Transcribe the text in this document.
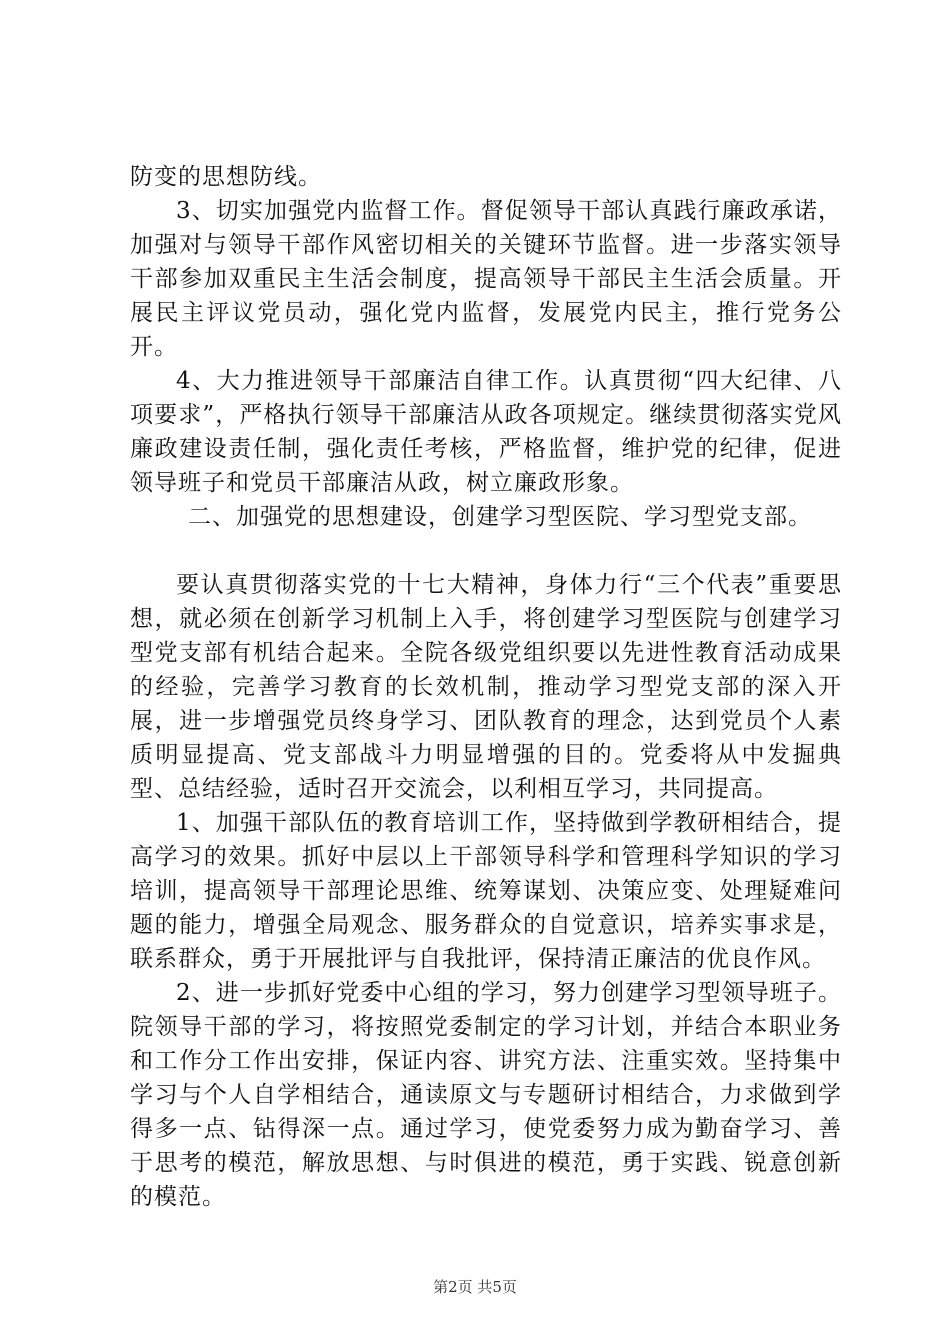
防变的思想防线。

3、切实加强党内监督工作。督促领导干部认真践行廉政承诺，加强对与领导干部作风密切相关的关键环节监督。进一步落实领导干部参加双重民主生活会制度，提高领导干部民主生活会质量。开展民主评议党员动，强化党内监督，发展党内民主，推行党务公开。

4、大力推进领导干部廉洁自律工作。认真贯彻“四大纪律、八项要求”，严格执行领导干部廉洁从政各项规定。继续贯彻落实党风廉政建设责任制，强化责任考核，严格监督，维护党的纪律，促进领导班子和党员干部廉洁从政，树立廉政形象。

二、加强党的思想建设，创建学习型医院、学习型党支部。

要认真贯彻落实党的十七大精神，身体力行“三个代表”重要思想，就必须在创新学习机制上入手，将创建学习型医院与创建学习型党支部有机结合起来。全院各级党组织要以先进性教育活动成果的经验，完善学习教育的长效机制，推动学习型党支部的深入开展，进一步增强党员终身学习、团队教育的理念，达到党员个人素质明显提高、党支部战斗力明显增强的目的。党委将从中发掘典型、总结经验，适时召开交流会，以利相互学习，共同提高。

1、加强干部队伍的教育培训工作，坚持做到学教研相结合，提高学习的效果。抓好中层以上干部领导科学和管理科学知识的学习培训，提高领导干部理论思维、统筹谋划、决策应变、处理疑难问题的能力，增强全局观念、服务群众的自觉意识，培养实事求是，联系群众，勇于开展批评与自我批评，保持清正廉洁的优良作风。

2、进一步抓好党委中心组的学习，努力创建学习型领导班子。院领导干部的学习，将按照党委制定的学习计划，并结合本职业务和工作分工作出安排，保证内容、讲究方法、注重实效。坚持集中学习与个人自学相结合，通读原文与专题研讨相结合，力求做到学得多一点、钻得深一点。通过学习，使党委努力成为勤奋学习、善于思考的模范，解放思想、与时俱进的模范，勇于实践、锐意创新的模范。

第2页 共5页
